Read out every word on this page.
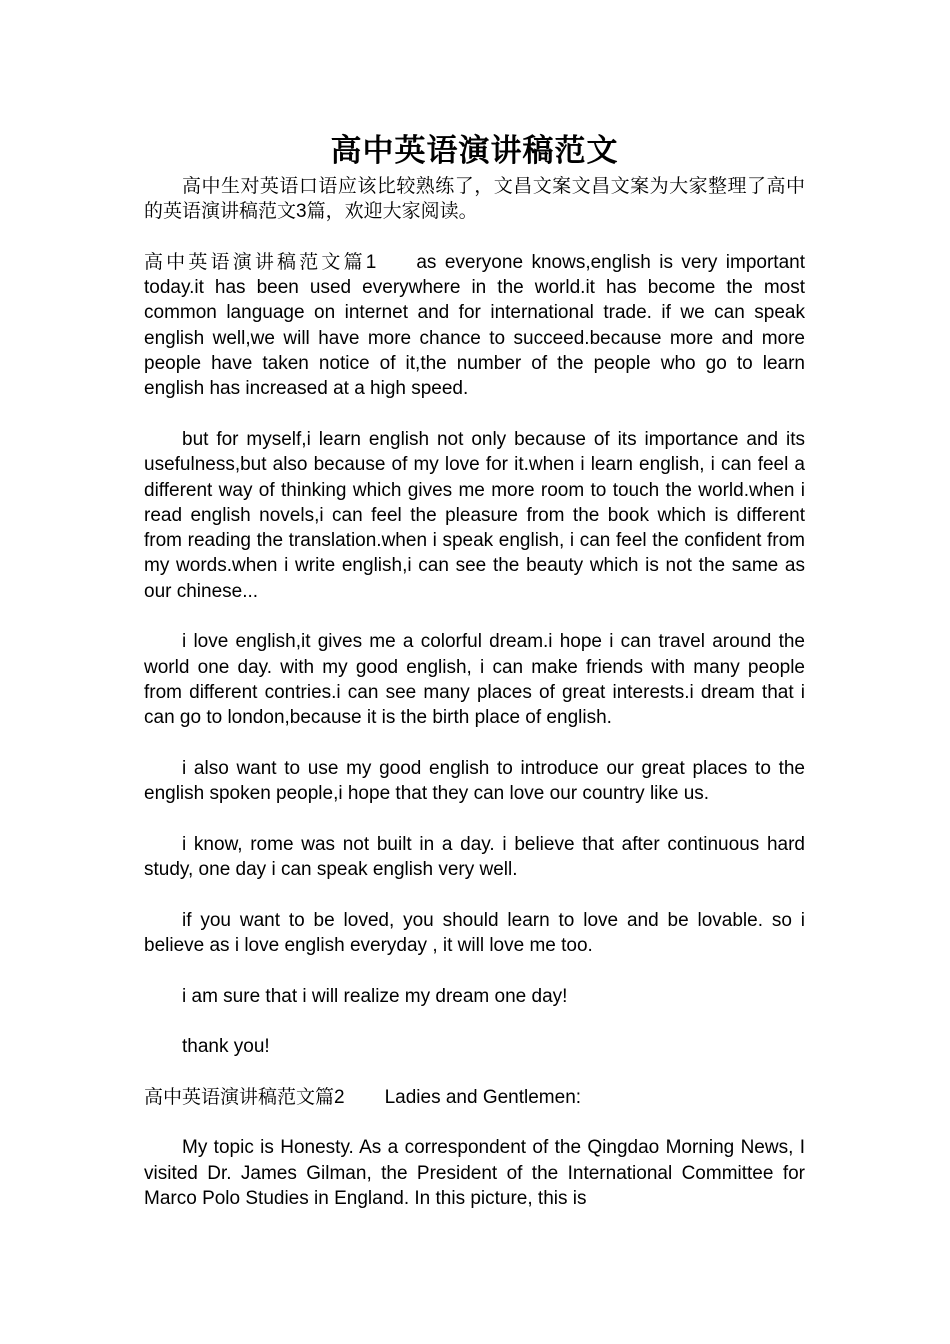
高中英语演讲稿范文

高中生对英语口语应该比较熟练了，文昌文案文昌文案为大家整理了高中的英语演讲稿范文3篇，欢迎大家阅读。

高中英语演讲稿范文篇1 as everyone knows,english is very important today.it has been used everywhere in the world.it has become the most common language on internet and for international trade. if we can speak english well,we will have more chance to succeed.because more and more people have taken notice of it,the number of the people who go to learn english has increased at a high speed.

but for myself,i learn english not only because of its importance and its usefulness,but also because of my love for it.when i learn english, i can feel a different way of thinking which gives me more room to touch the world.when i read english novels,i can feel the pleasure from the book which is different from reading the translation.when i speak english, i can feel the confident from my words.when i write english,i can see the beauty which is not the same as our chinese...

i love english,it gives me a colorful dream.i hope i can travel around the world one day. with my good english, i can make friends with many people from different contries.i can see many places of great interests.i dream that i can go to london,because it is the birth place of english.

i also want to use my good english to introduce our great places to the english spoken people,i hope that they can love our country like us.

i know, rome was not built in a day. i believe that after continuous hard study, one day i can speak english very well.

if you want to be loved, you should learn to love and be lovable. so i believe as i love english everyday , it will love me too.

i am sure that i will realize my dream one day!

thank you!

高中英语演讲稿范文篇2 Ladies and Gentlemen:

My topic is Honesty. As a correspondent of the Qingdao Morning News, I visited Dr. James Gilman, the President of the International Committee for Marco Polo Studies in England. In this picture, this is
